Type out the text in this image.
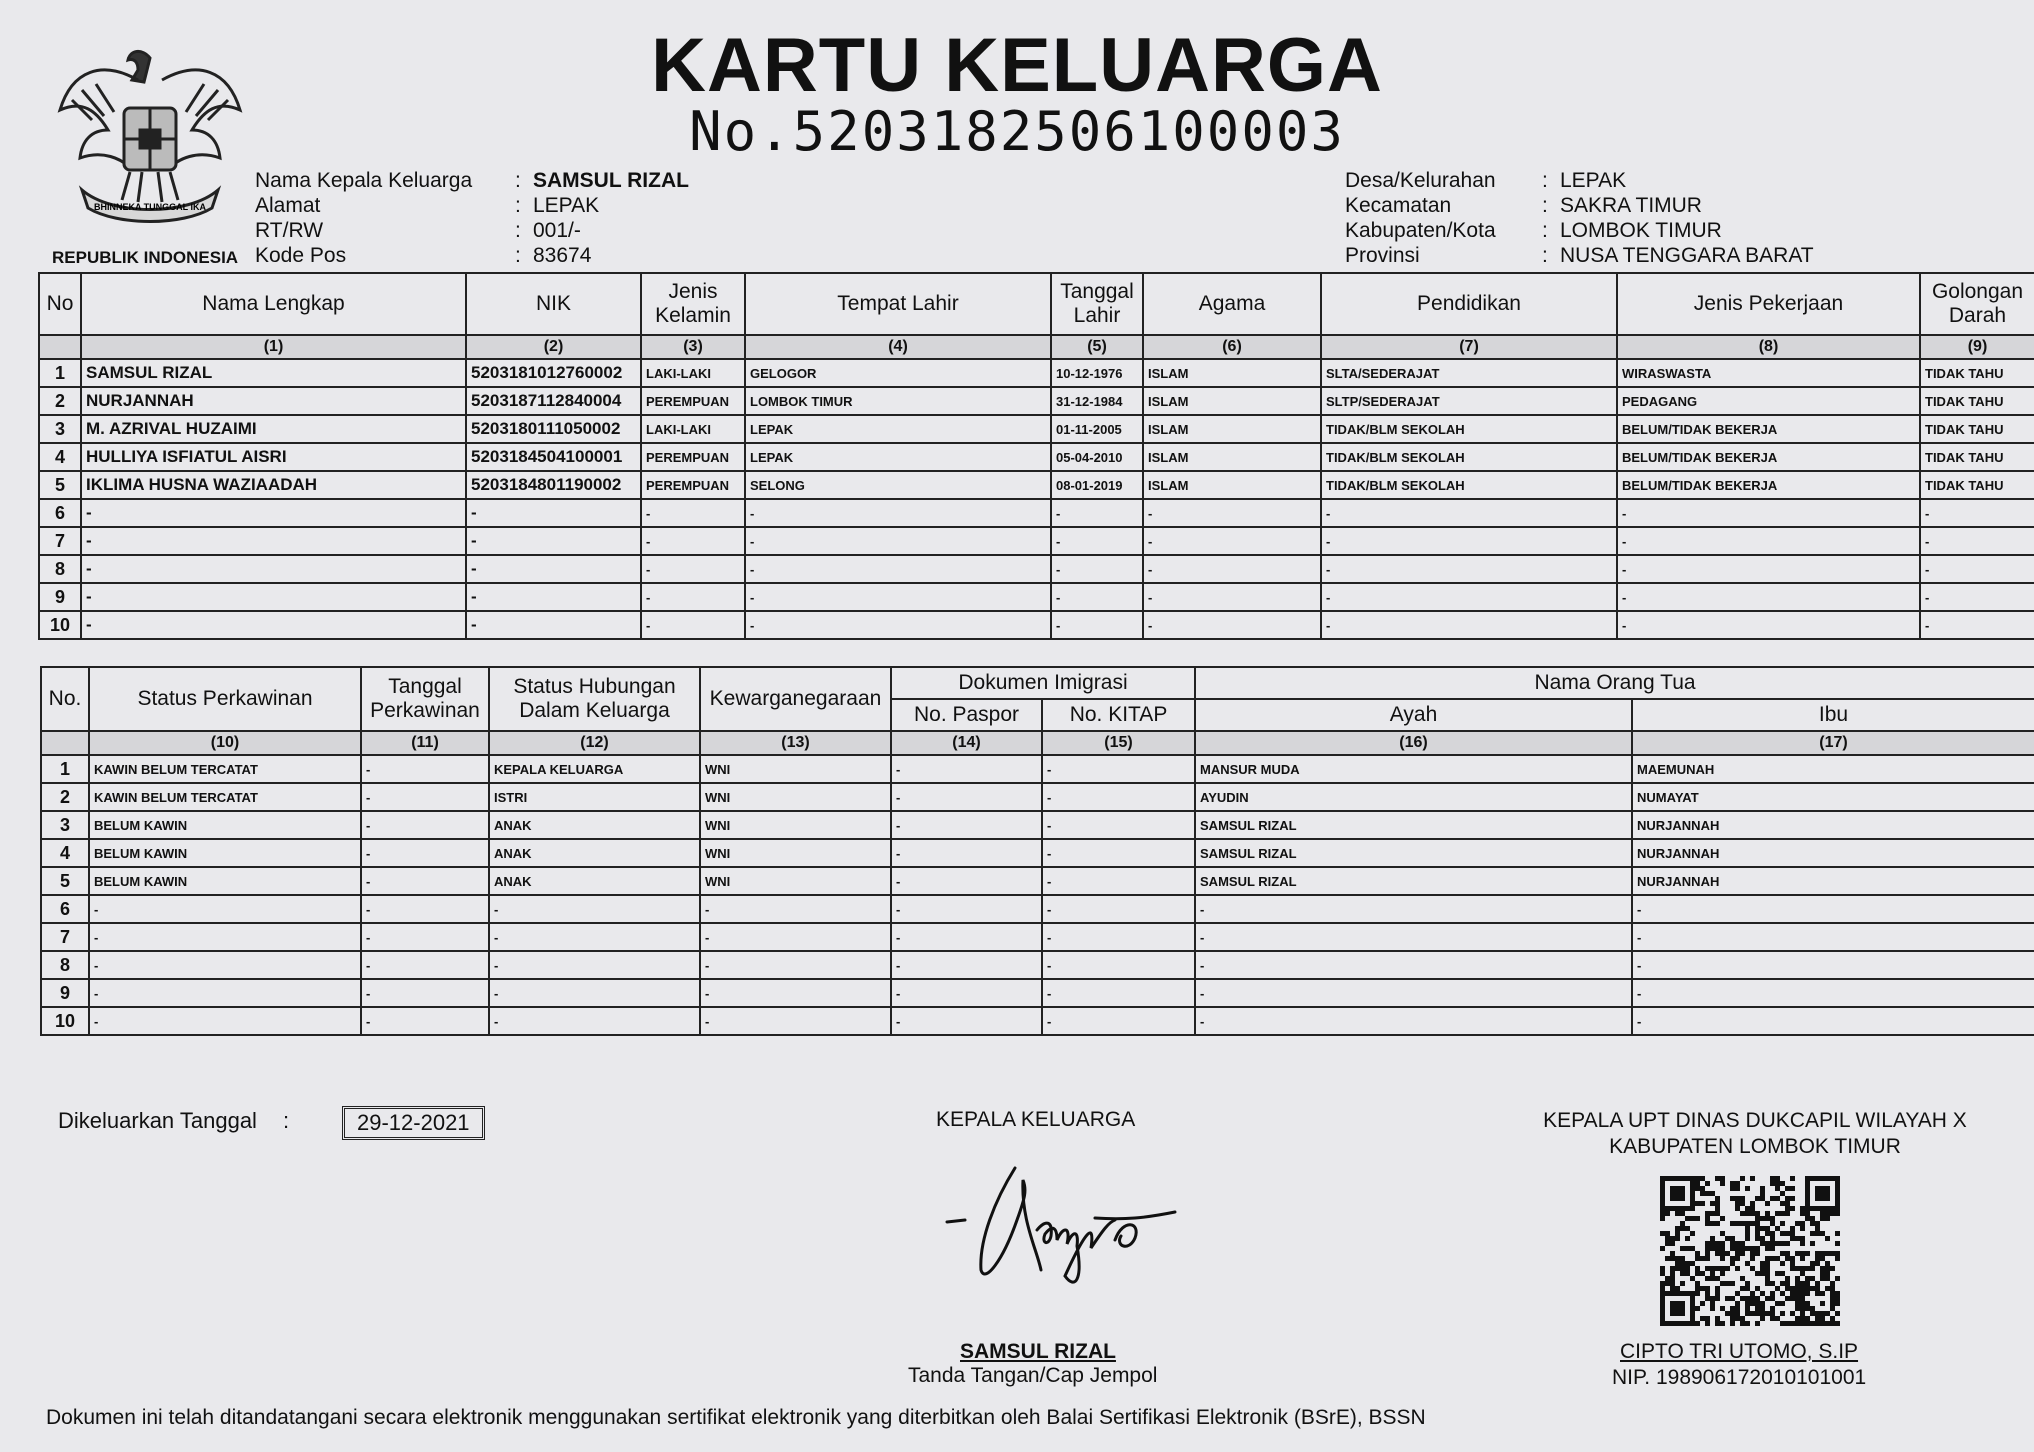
BHINNEKA TUNGGAL IKA
REPUBLIK INDONESIA
KARTU KELUARGA
No.5203182506100003
Nama Kepala Keluarga	: SAMSUL RIZAL
Alamat	: LEPAK
RT/RW	: 001/-
Kode Pos	: 83674
Desa/Kelurahan	: LEPAK
Kecamatan	: SAKRA TIMUR
Kabupaten/Kota	: LOMBOK TIMUR
Provinsi	: NUSA TENGGARA BARAT
No	Nama Lengkap	NIK	Jenis Kelamin	Tempat Lahir	Tanggal Lahir	Agama	Pendidikan	Jenis Pekerjaan	Golongan Darah
	(1)	(2)	(3)	(4)	(5)	(6)	(7)	(8)	(9)
1	SAMSUL RIZAL	5203181012760002	LAKI-LAKI	GELOGOR	10-12-1976	ISLAM	SLTA/SEDERAJAT	WIRASWASTA	TIDAK TAHU
2	NURJANNAH	5203187112840004	PEREMPUAN	LOMBOK TIMUR	31-12-1984	ISLAM	SLTP/SEDERAJAT	PEDAGANG	TIDAK TAHU
3	M. AZRIVAL HUZAIMI	5203180111050002	LAKI-LAKI	LEPAK	01-11-2005	ISLAM	TIDAK/BLM SEKOLAH	BELUM/TIDAK BEKERJA	TIDAK TAHU
4	HULLIYA ISFIATUL AISRI	5203184504100001	PEREMPUAN	LEPAK	05-04-2010	ISLAM	TIDAK/BLM SEKOLAH	BELUM/TIDAK BEKERJA	TIDAK TAHU
5	IKLIMA HUSNA WAZIAADAH	5203184801190002	PEREMPUAN	SELONG	08-01-2019	ISLAM	TIDAK/BLM SEKOLAH	BELUM/TIDAK BEKERJA	TIDAK TAHU
6	-	-	-	-	-	-	-	-	-
7	-	-	-	-	-	-	-	-	-
8	-	-	-	-	-	-	-	-	-
9	-	-	-	-	-	-	-	-	-
10	-	-	-	-	-	-	-	-	-
No.	Status Perkawinan	Tanggal Perkawinan	Status Hubungan Dalam Keluarga	Kewarganegaraan	Dokumen Imigrasi		Nama Orang Tua	
					No. Paspor	No. KITAP	Ayah	Ibu
	(10)	(11)	(12)	(13)	(14)	(15)	(16)	(17)
1	KAWIN BELUM TERCATAT	-	KEPALA KELUARGA	WNI	-	-	MANSUR MUDA	MAEMUNAH
2	KAWIN BELUM TERCATAT	-	ISTRI	WNI	-	-	AYUDIN	NUMAYAT
3	BELUM KAWIN	-	ANAK	WNI	-	-	SAMSUL RIZAL	NURJANNAH
4	BELUM KAWIN	-	ANAK	WNI	-	-	SAMSUL RIZAL	NURJANNAH
5	BELUM KAWIN	-	ANAK	WNI	-	-	SAMSUL RIZAL	NURJANNAH
6	-	-	-	-	-	-	-	-
7	-	-	-	-	-	-	-	-
8	-	-	-	-	-	-	-	-
9	-	-	-	-	-	-	-	-
10	-	-	-	-	-	-	-	-
Dikeluarkan Tanggal :	29-12-2021	KEPALA KELUARGA
SAMSUL RIZAL
Tanda Tangan/Cap Jempol
KEPALA UPT DINAS DUKCAPIL WILAYAH X
KABUPATEN LOMBOK TIMUR
CIPTO TRI UTOMO, S.IP
NIP. 198906172010101001
Dokumen ini telah ditandatangani secara elektronik menggunakan sertifikat elektronik yang diterbitkan oleh Balai Sertifikasi Elektronik (BSrE), BSSN
